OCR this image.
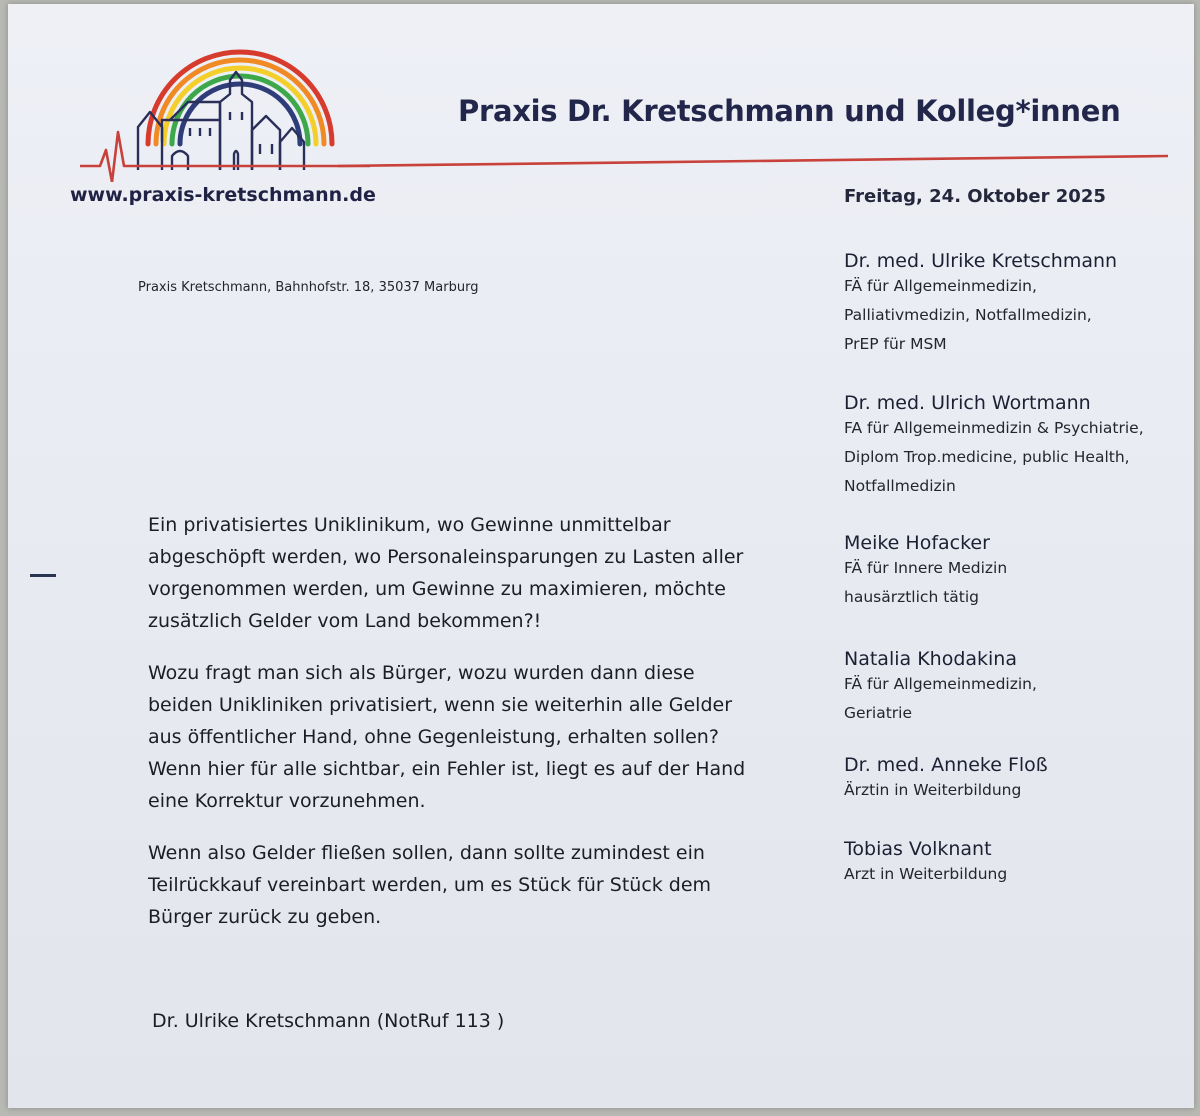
Praxis Dr. Kretschmann und Kolleg*innen
www.praxis-kretschmann.de	Freitag, 24. Oktober 2025
Praxis Kretschmann, Bahnhofstr. 18, 35037 Marburg
Dr. med. Ulrike Kretschmann
FÄ für Allgemeinmedizin,
Palliativmedizin, Notfallmedizin,
PrEP für MSM
Dr. med. Ulrich Wortmann
FA für Allgemeinmedizin & Psychiatrie,
Diplom Trop.medicine, public Health,
Notfallmedizin
Meike Hofacker
FÄ für Innere Medizin
hausärztlich tätig
Natalia Khodakina
FÄ für Allgemeinmedizin,
Geriatrie
Dr. med. Anneke Floß
Ärztin in Weiterbildung
Tobias Volknant
Arzt in Weiterbildung

Ein privatisiertes Uniklinikum, wo Gewinne unmittelbar

abgeschöpft werden, wo Personaleinsparungen zu Lasten aller

vorgenommen werden, um Gewinne zu maximieren, möchte

zusätzlich Gelder vom Land bekommen?!

Wozu fragt man sich als Bürger, wozu wurden dann diese

beiden Unikliniken privatisiert, wenn sie weiterhin alle Gelder

aus öffentlicher Hand, ohne Gegenleistung, erhalten sollen?

Wenn hier für alle sichtbar, ein Fehler ist, liegt es auf der Hand

eine Korrektur vorzunehmen.

Wenn also Gelder fließen sollen, dann sollte zumindest ein

Teilrückkauf vereinbart werden, um es Stück für Stück dem

Bürger zurück zu geben.

Dr. Ulrike Kretschmann (NotRuf 113 )
